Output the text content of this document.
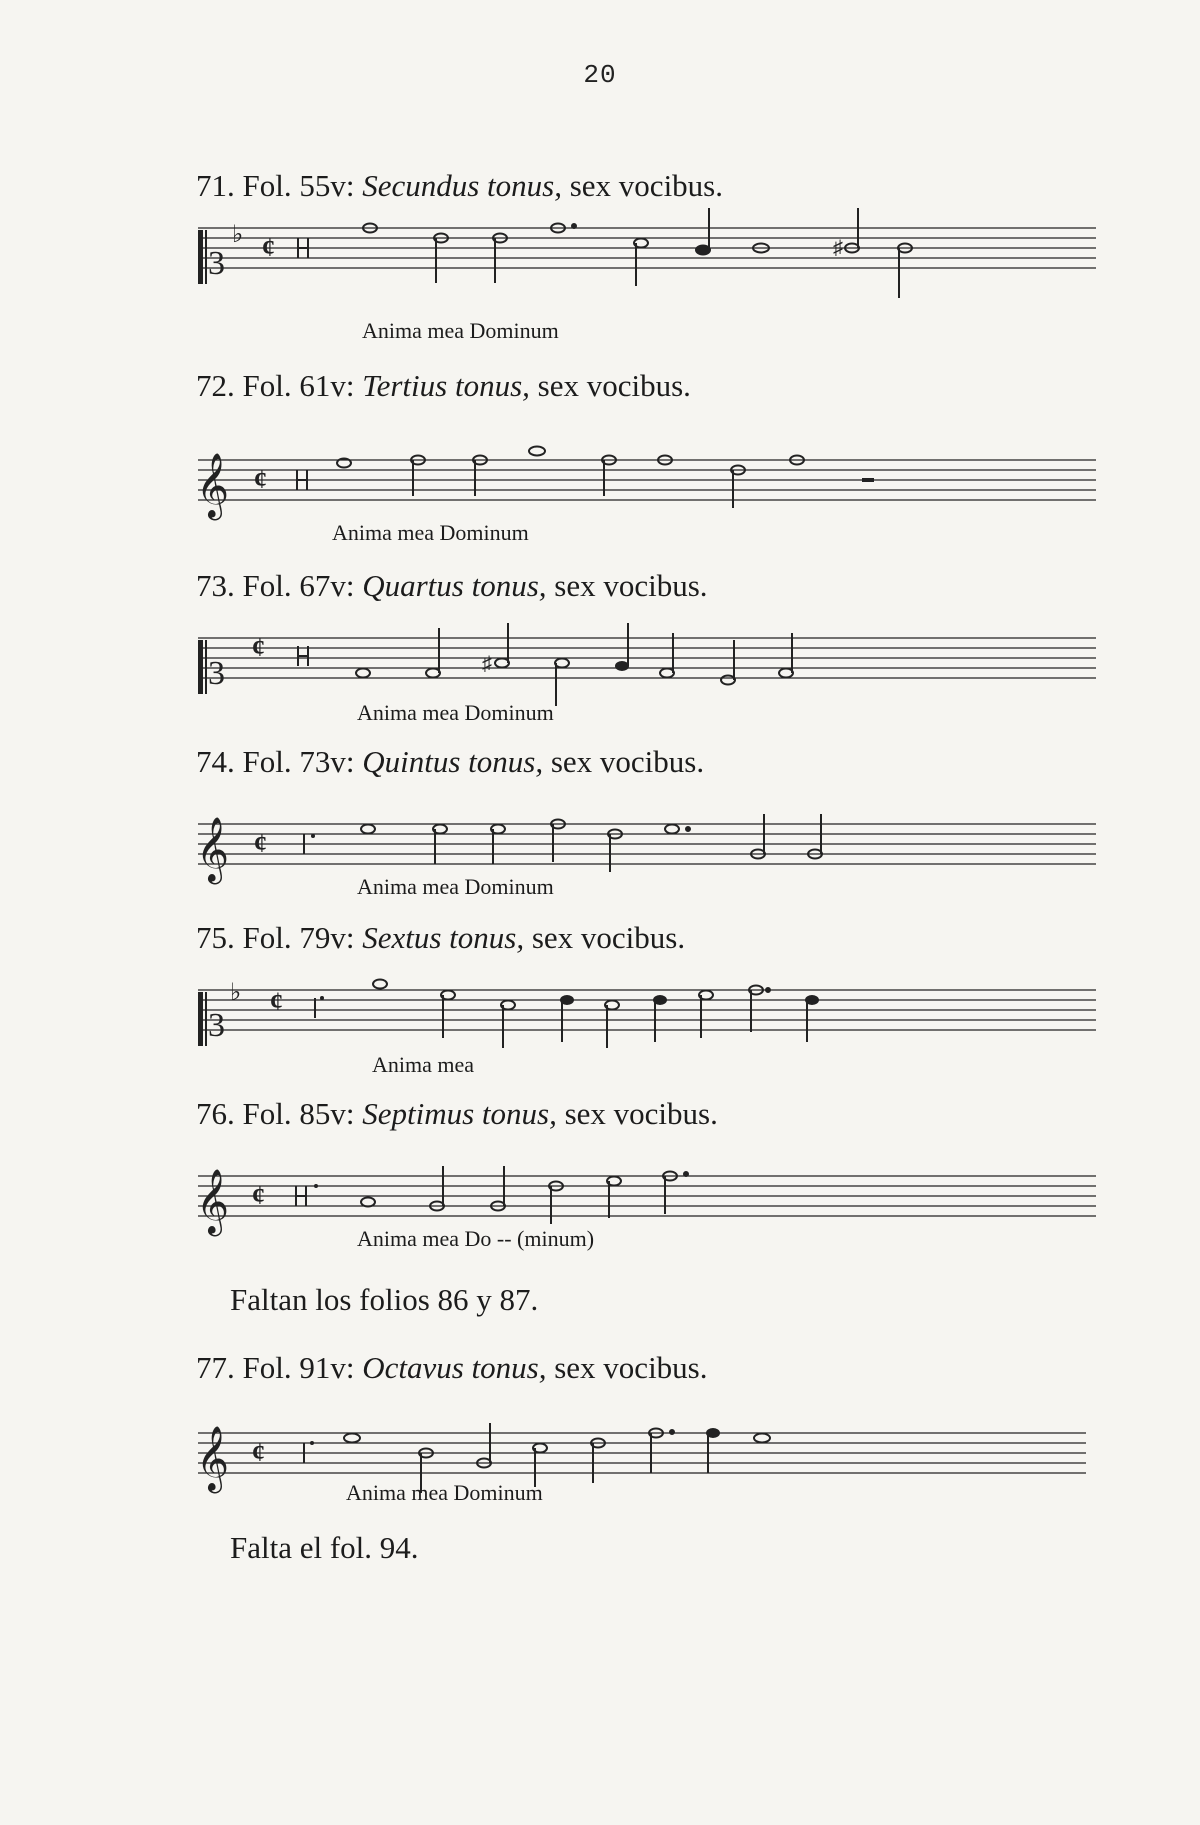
20
71. Fol. 55v: Secundus tonus, sex vocibus.
3
♭ ¢	♯
Anima mea Dominum
72. Fol. 61v: Tertius tonus, sex vocibus.
𝄞 ¢
Anima mea Dominum
73. Fol. 67v: Quartus tonus, sex vocibus.
3
¢
♯
Anima mea Dominum
74. Fol. 73v: Quintus tonus, sex vocibus.
𝄞 ¢
Anima mea Dominum
75. Fol. 79v: Sextus tonus, sex vocibus.
3
♭ ¢
Anima mea
76. Fol. 85v: Septimus tonus, sex vocibus.
𝄞 ¢
Anima mea Do -- (minum)
Faltan los folios 86 y 87.
77. Fol. 91v: Octavus tonus, sex vocibus.
𝄞 ¢
Anima mea Dominum
Falta el fol. 94.
